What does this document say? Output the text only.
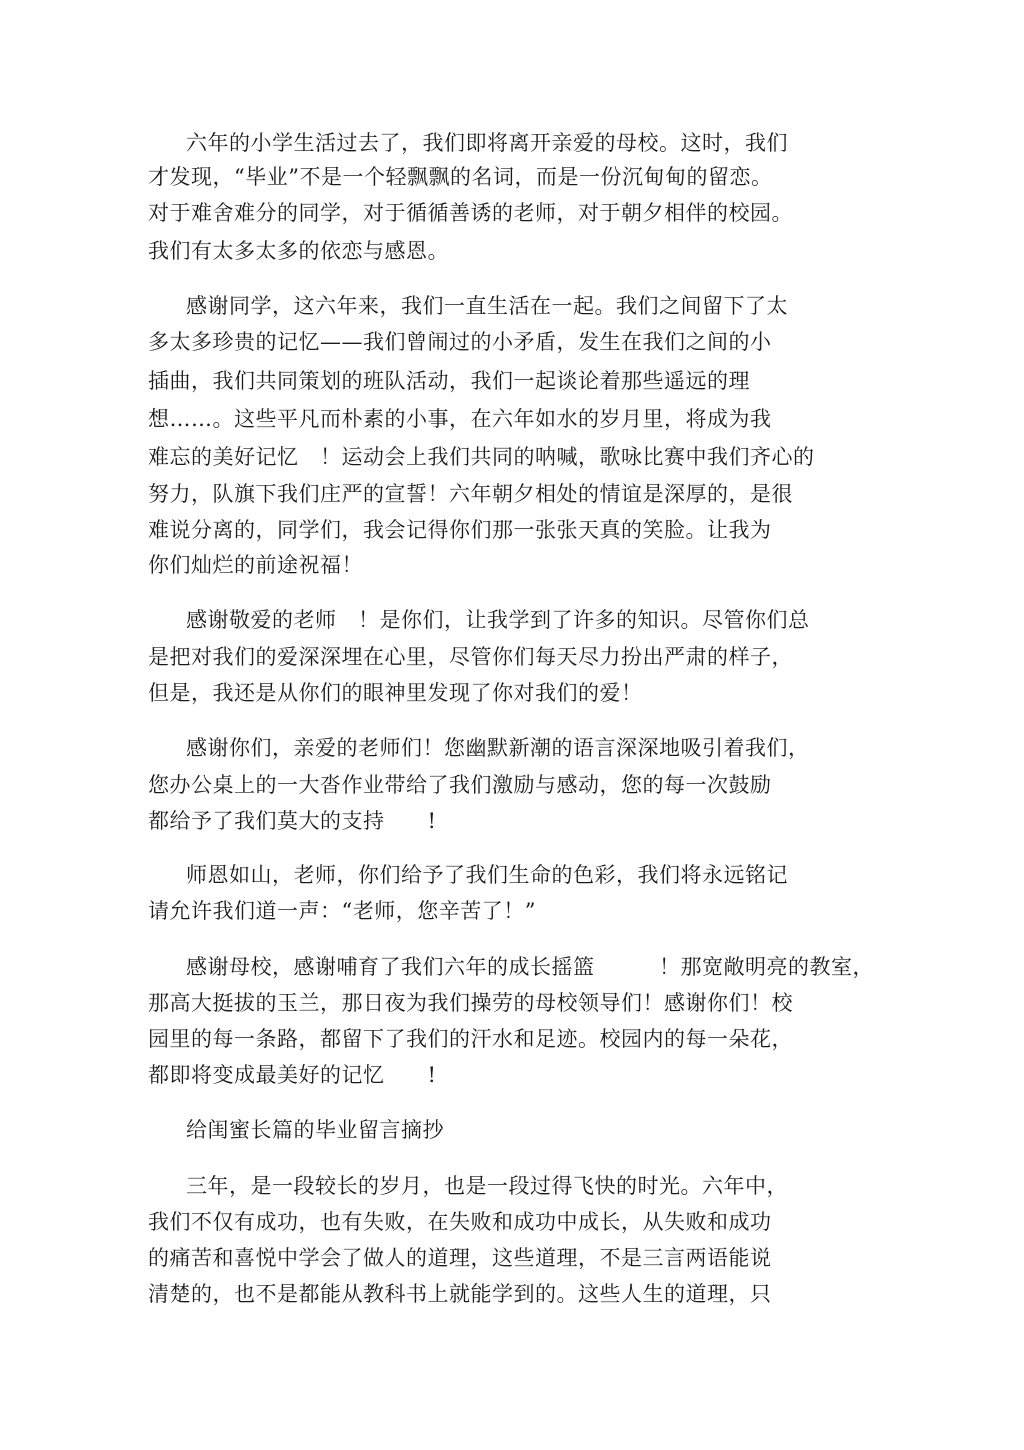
六年的小学生活过去了，我们即将离开亲爱的母校。这时，我们
才发现，“毕业”不是一个轻飘飘的名词，而是一份沉甸甸的留恋。
对于难舍难分的同学，对于循循善诱的老师，对于朝夕相伴的校园。
我们有太多太多的依恋与感恩。
感谢同学，这六年来，我们一直生活在一起。我们之间留下了太
多太多珍贵的记忆——我们曾闹过的小矛盾，发生在我们之间的小
插曲，我们共同策划的班队活动，我们一起谈论着那些遥远的理
想……。这些平凡而朴素的小事，在六年如水的岁月里，将成为我
难忘的美好记忆　！运动会上我们共同的呐喊，歌咏比赛中我们齐心的
努力，队旗下我们庄严的宣誓！六年朝夕相处的情谊是深厚的，是很
难说分离的，同学们，我会记得你们那一张张天真的笑脸。让我为
你们灿烂的前途祝福！
感谢敬爱的老师　！是你们，让我学到了许多的知识。尽管你们总
是把对我们的爱深深埋在心里，尽管你们每天尽力扮出严肃的样子，
但是，我还是从你们的眼神里发现了你对我们的爱！
感谢你们，亲爱的老师们！您幽默新潮的语言深深地吸引着我们，
您办公桌上的一大沓作业带给了我们激励与感动，您的每一次鼓励
都给予了我们莫大的支持　　!
师恩如山，老师，你们给予了我们生命的色彩，我们将永远铭记
请允许我们道一声：“老师，您辛苦了！”
感谢母校，感谢哺育了我们六年的成长摇篮　　　！那宽敞明亮的教室，
那高大挺拔的玉兰，那日夜为我们操劳的母校领导们！感谢你们！校
园里的每一条路，都留下了我们的汗水和足迹。校园内的每一朵花，
都即将变成最美好的记忆　　!
给闺蜜长篇的毕业留言摘抄
三年，是一段较长的岁月，也是一段过得飞快的时光。六年中，
我们不仅有成功，也有失败，在失败和成功中成长，从失败和成功
的痛苦和喜悦中学会了做人的道理，这些道理，不是三言两语能说
清楚的，也不是都能从教科书上就能学到的。这些人生的道理，只
